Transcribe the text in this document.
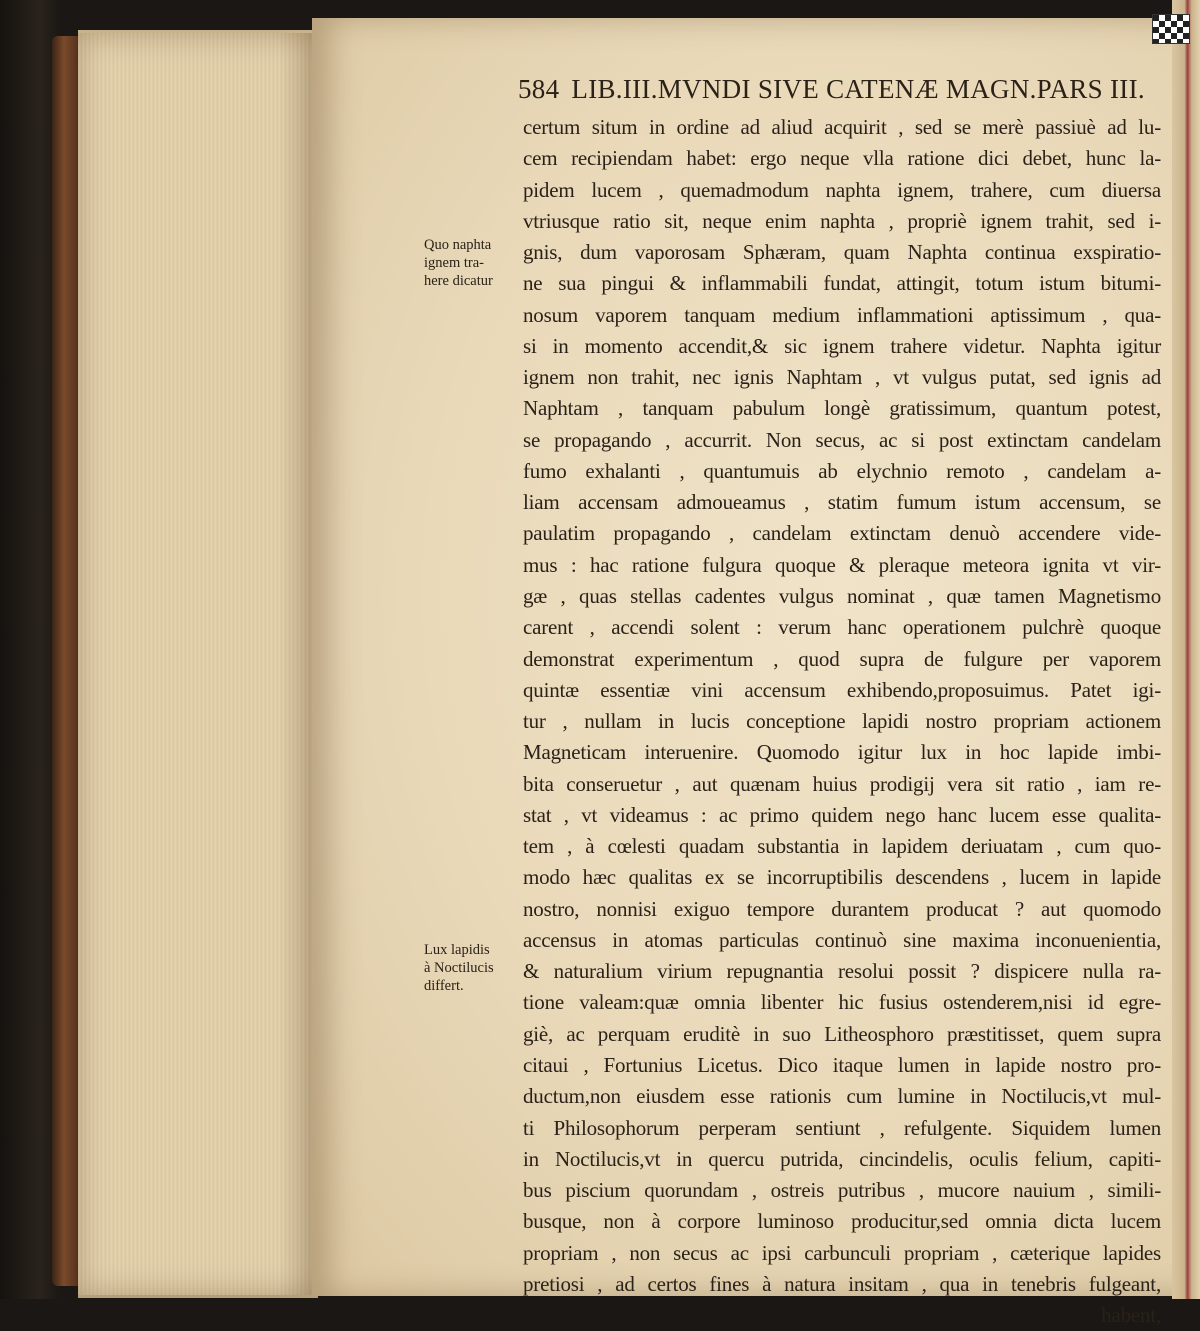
584 LIB.III.MVNDI SIVE CATENÆ MAGN.PARS III.
Quo naphta
ignem tra-
here dicatur
Lux lapidis
à Noctilucis
differt.
certum situm in ordine ad aliud acquirit , sed se merè passiuè ad lu-
cem recipiendam habet: ergo neque vlla ratione dici debet, hunc la-
pidem lucem , quemadmodum naphta ignem, trahere, cum diuersa
vtriusque ratio sit, neque enim naphta , propriè ignem trahit, sed i-
gnis, dum vaporosam Sphæram, quam Naphta continua exspiratio-
ne sua pingui & inflammabili fundat, attingit, totum istum bitumi-
nosum vaporem tanquam medium inflammationi aptissimum , qua-
si in momento accendit,& sic ignem trahere videtur. Naphta igitur
ignem non trahit, nec ignis Naphtam , vt vulgus putat, sed ignis ad
Naphtam , tanquam pabulum longè gratissimum, quantum potest,
se propagando , accurrit. Non secus, ac si post extinctam candelam
fumo exhalanti , quantumuis ab elychnio remoto , candelam a-
liam accensam admoueamus , statim fumum istum accensum, se
paulatim propagando , candelam extinctam denuò accendere vide-
mus : hac ratione fulgura quoque & pleraque meteora ignita vt vir-
gæ , quas stellas cadentes vulgus nominat , quæ tamen Magnetismo
carent , accendi solent : verum hanc operationem pulchrè quoque
demonstrat experimentum , quod supra de fulgure per vaporem
quintæ essentiæ vini accensum exhibendo,proposuimus. Patet igi-
tur , nullam in lucis conceptione lapidi nostro propriam actionem
Magneticam interuenire. Quomodo igitur lux in hoc lapide imbi-
bita conseruetur , aut quænam huius prodigij vera sit ratio , iam re-
stat , vt videamus : ac primo quidem nego hanc lucem esse qualita-
tem , à cœlesti quadam substantia in lapidem deriuatam , cum quo-
modo hæc qualitas ex se incorruptibilis descendens , lucem in lapide
nostro, nonnisi exiguo tempore durantem producat ? aut quomodo
accensus in atomas particulas continuò sine maxima inconuenientia,
& naturalium virium repugnantia resolui possit ? dispicere nulla ra-
tione valeam:quæ omnia libenter hic fusius ostenderem,nisi id egre-
giè, ac perquam eruditè in suo Litheosphoro præstitisset, quem supra
citaui , Fortunius Licetus. Dico itaque lumen in lapide nostro pro-
ductum,non eiusdem esse rationis cum lumine in Noctilucis,vt mul-
ti Philosophorum perperam sentiunt , refulgente. Siquidem lumen
in Noctilucis,vt in quercu putrida, cincindelis, oculis felium, capiti-
bus piscium quorundam , ostreis putribus , mucore nauium , simili-
busque, non à corpore luminoso producitur,sed omnia dicta lucem
propriam , non secus ac ipsi carbunculi propriam , cæterique lapides
pretiosi , ad certos fines à natura insitam , qua in tenebris fulgeant,
habent,
